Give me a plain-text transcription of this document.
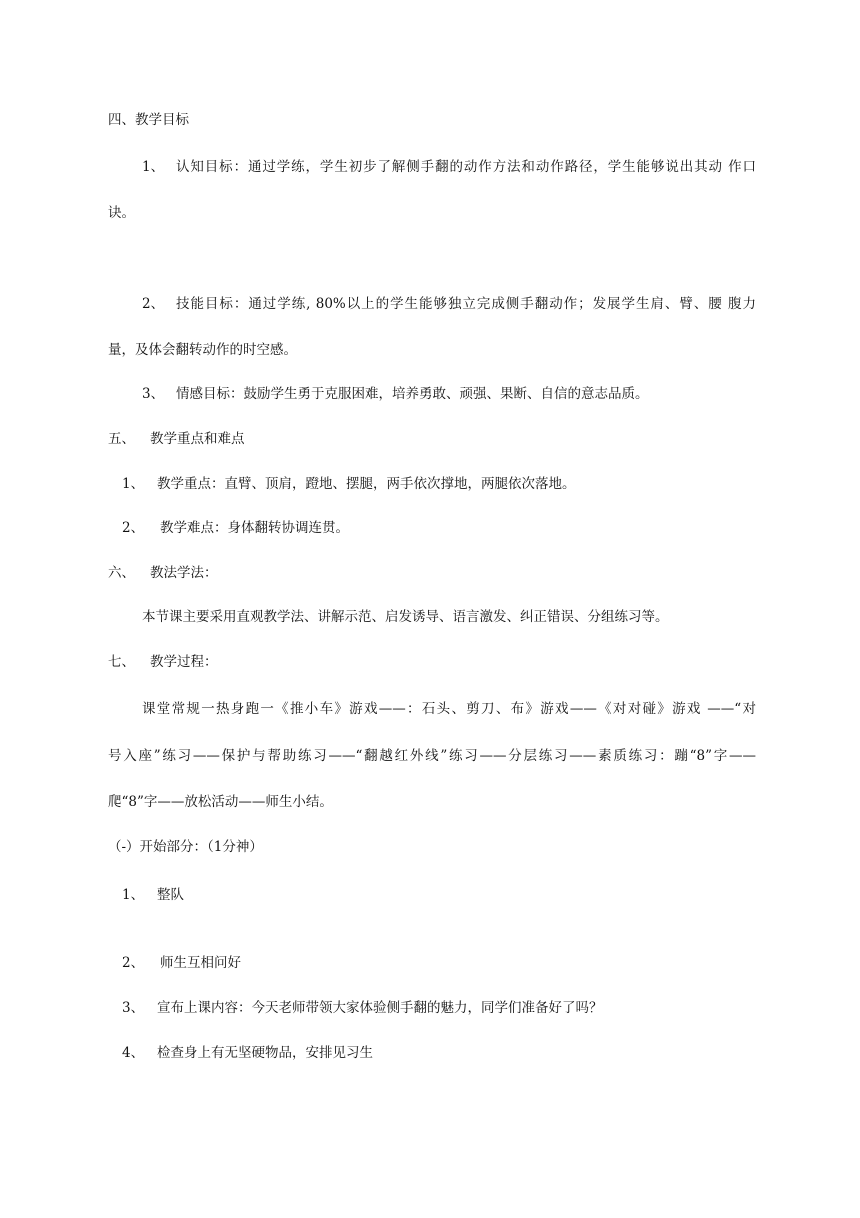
四、教学目标
1、 认知目标：通过学练，学生初步了解侧手翻的动作方法和动作路径，学生能够说出其动 作口
诀。
2、 技能目标：通过学练, 80%以上的学生能够独立完成侧手翻动作；发展学生肩、臂、腰 腹力
量，及体会翻转动作的时空感。
3、 情感目标：鼓励学生勇于克服困难，培养勇敢、顽强、果断、自信的意志品质。
五、 教学重点和难点
1、 教学重点：直臂、顶肩，蹬地、摆腿，两手依次撑地，两腿依次落地。
2、 教学难点：身体翻转协调连贯。
六、 教法学法：
本节课主要采用直观教学法、讲解示范、启发诱导、语言激发、纠正错误、分组练习等。
七、 教学过程：
课堂常规一热身跑一《推小车》游戏——：石头、剪刀、布》游戏——《对对碰》游戏 ——“对
号入座”练习——保护与帮助练习——“翻越红外线”练习——分层练习——素质练习：蹦“8”字——
爬“8”字——放松活动——师生小结。
（-）开始部分：（1分神）
1、 整队
2、 师生互相问好
3、 宣布上课内容：今天老师带领大家体验侧手翻的魅力，同学们准备好了吗？
4、 检查身上有无坚硬物品，安排见习生
